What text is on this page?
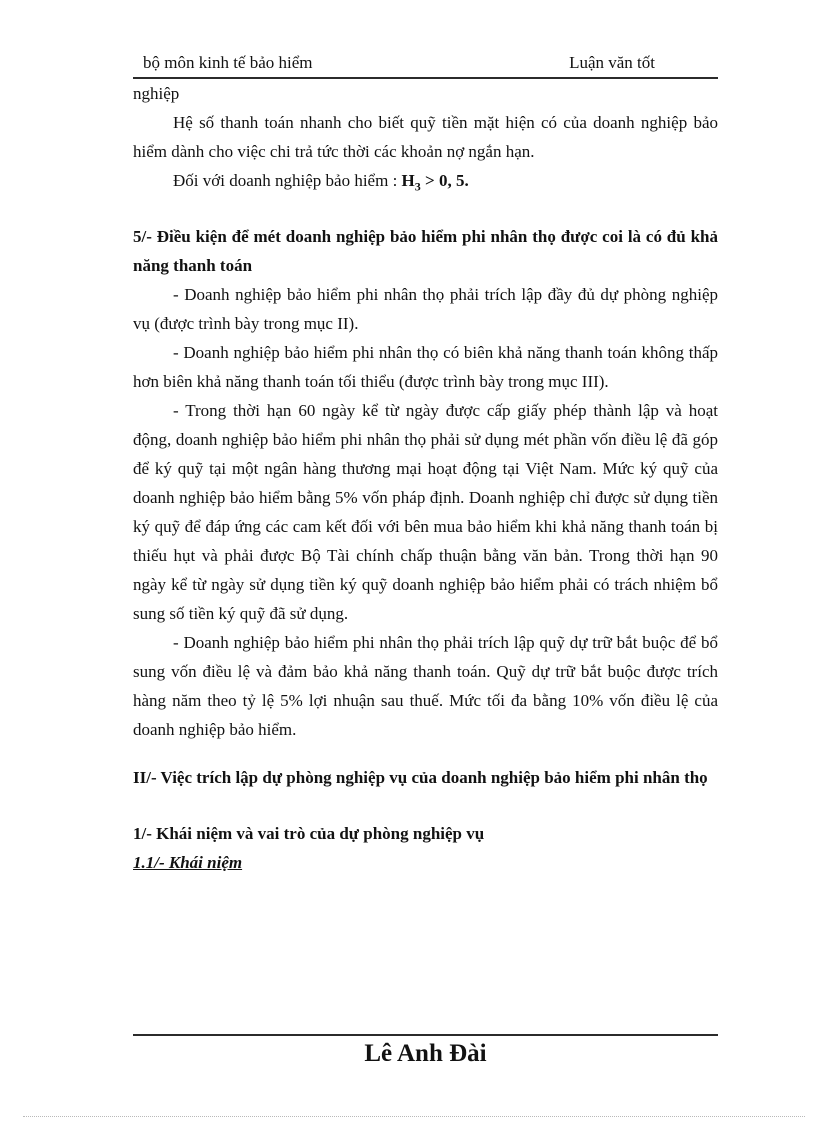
bộ môn kinh tế bảo hiểm	Luận văn tốt
nghiệp

Hệ số thanh toán nhanh cho biết quỹ tiền mặt hiện có của doanh nghiệp bảo hiểm dành cho việc chi trả tức thời các khoản nợ ngắn hạn.

Đối với doanh nghiệp bảo hiểm : $H_3 > 0$, 5.

5/- Điều kiện để mét doanh nghiệp bảo hiểm phi nhân thọ được coi là có đủ khả năng thanh toán

- Doanh nghiệp bảo hiểm phi nhân thọ phải trích lập đầy đủ dự phòng nghiệp vụ (được trình bày trong mục II).

- Doanh nghiệp bảo hiểm phi nhân thọ có biên khả năng thanh toán không thấp hơn biên khả năng thanh toán tối thiểu (được trình bày trong mục III).

- Trong thời hạn 60 ngày kể từ ngày được cấp giấy phép thành lập và hoạt động, doanh nghiệp bảo hiểm phi nhân thọ phải sử dụng mét phần vốn điều lệ đã góp để ký quỹ tại một ngân hàng thương mại hoạt động tại Việt Nam. Mức ký quỹ của doanh nghiệp bảo hiểm bằng 5% vốn pháp định. Doanh nghiệp chỉ được sử dụng tiền ký quỹ để đáp ứng các cam kết đối với bên mua bảo hiểm khi khả năng thanh toán bị thiếu hụt và phải được Bộ Tài chính chấp thuận bằng văn bản. Trong thời hạn 90 ngày kể từ ngày sử dụng tiền ký quỹ doanh nghiệp bảo hiểm phải có trách nhiệm bổ sung số tiền ký quỹ đã sử dụng.

- Doanh nghiệp bảo hiểm phi nhân thọ phải trích lập quỹ dự trữ bắt buộc để bổ sung vốn điều lệ và đảm bảo khả năng thanh toán. Quỹ dự trữ bắt buộc được trích hàng năm theo tỷ lệ 5% lợi nhuận sau thuế. Mức tối đa bằng 10% vốn điều lệ của doanh nghiệp bảo hiểm.

II/- Việc trích lập dự phòng nghiệp vụ của doanh nghiệp bảo hiểm phi nhân thọ

1/- Khái niệm và vai trò của dự phòng nghiệp vụ

1.1/- Khái niệm

Lê Anh Đài
